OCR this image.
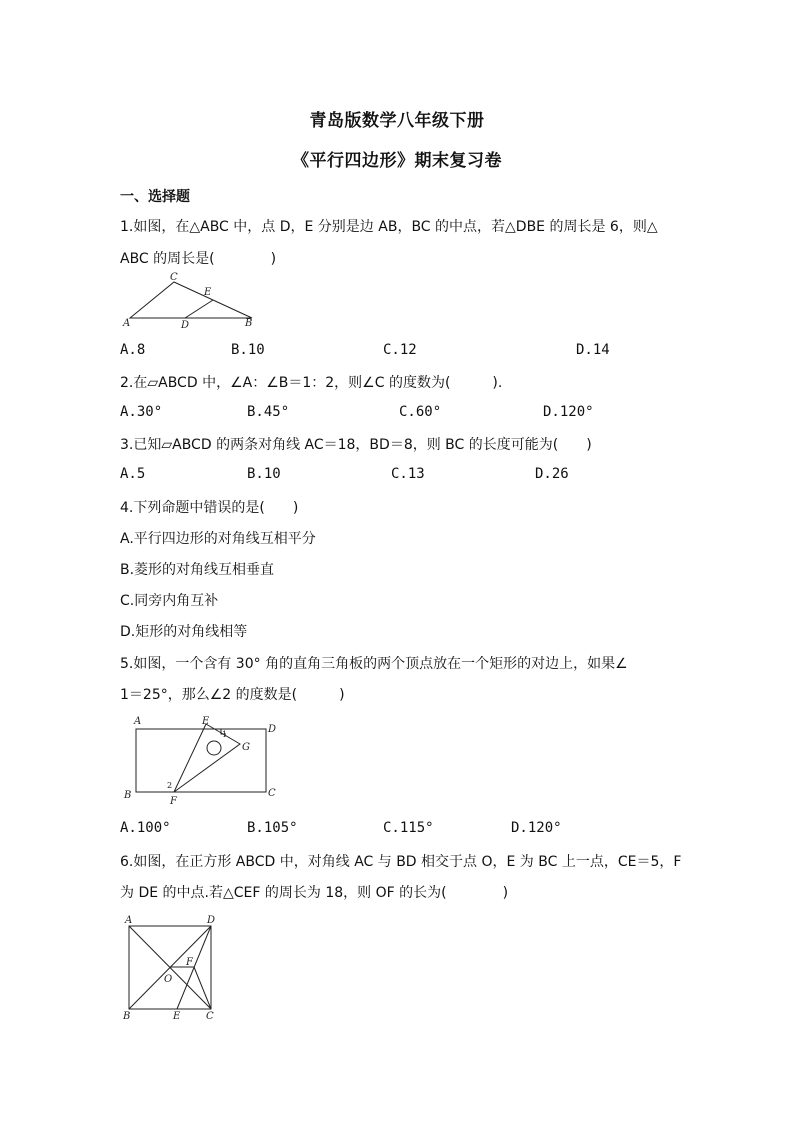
青岛版数学八年级下册
《平行四边形》期末复习卷
一、选择题
1.如图，在△ABC 中，点 D，E 分别是边 AB，BC 的中点，若△DBE 的周长是 6，则△
ABC 的周长是(　　　　)
C
E
A	D	B
A.8	B.10	C.12	D.14
2.在▱ABCD 中，∠A：∠B＝1：2，则∠C 的度数为(　　　).
A.30°	B.45°	C.60°	D.120°
3.已知▱ABCD 的两条对角线 AC＝18，BD＝8，则 BC 的长度可能为(　　)
A.5	B.10	C.13	D.26
4.下列命题中错误的是(　　)
A.平行四边形的对角线互相平分
B.菱形的对角线互相垂直
C.同旁内角互补
D.矩形的对角线相等
5.如图，一个含有 30° 角的直角三角板的两个顶点放在一个矩形的对边上，如果∠
1＝25°，那么∠2 的度数是(　　　)
A	E
D
G
1
2
B
F
C
A.100°	B.105°	C.115°	D.120°
6.如图，在正方形 ABCD 中，对角线 AC 与 BD 相交于点 O，E 为 BC 上一点，CE＝5，F
为 DE 的中点.若△CEF 的周长为 18，则 OF 的长为(　　　　)
A	D
F
O
B	E	C
